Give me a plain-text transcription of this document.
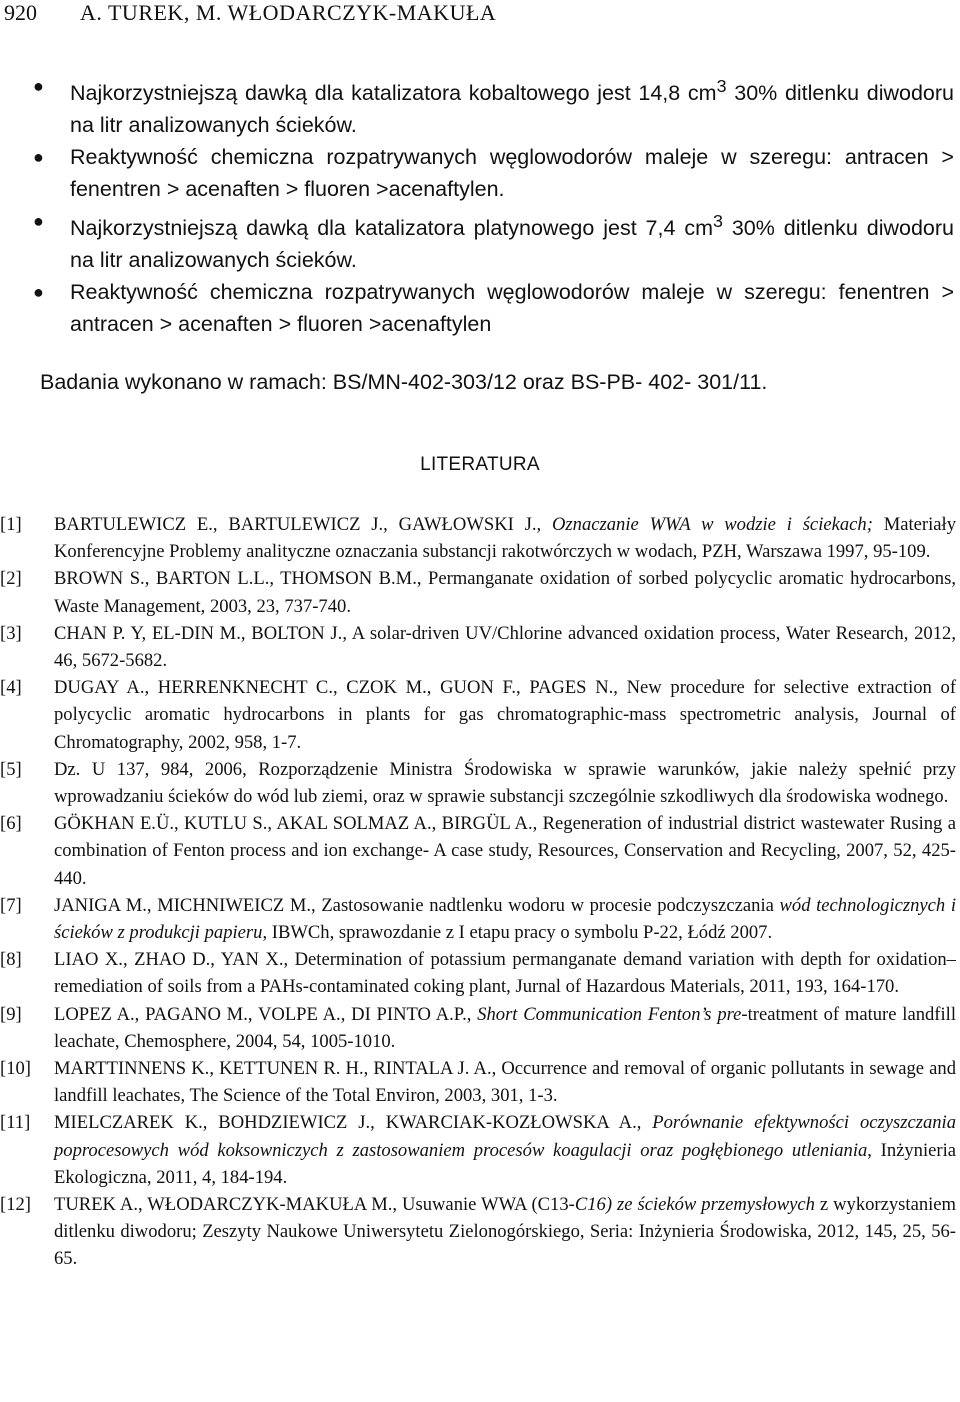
920 A. TUREK, M. WŁODARCZYK-MAKUŁA
● Najkorzystniejszą dawką dla katalizatora kobaltowego jest 14,8 $cm^3$ 30% ditlenku diwodoru na litr analizowanych ścieków.
● Reaktywność chemiczna rozpatrywanych węglowodorów maleje w szeregu: antracen > fenentren > acenaften > fluoren >acenaftylen.
● Najkorzystniejszą dawką dla katalizatora platynowego jest 7,4 $cm^3$ 30% ditlenku diwodoru na litr analizowanych ścieków.
● Reaktywność chemiczna rozpatrywanych węglowodorów maleje w szeregu: fenentren > antracen > acenaften > fluoren >acenaftylen
Badania wykonano w ramach: BS/MN-402-303/12 oraz BS-PB- 402- 301/11.
LITERATURA
[1] BARTULEWICZ E., BARTULEWICZ J., GAWŁOWSKI J., Oznaczanie WWA w wodzie i ściekach; Materiały Konferencyjne Problemy analityczne oznaczania substancji rakotwórczych w wodach, PZH, Warszawa 1997, 95-109.
[2] BROWN S., BARTON L.L., THOMSON B.M., Permanganate oxidation of sorbed polycyclic aromatic hydrocarbons, Waste Management, 2003, 23, 737-740.
[3] CHAN P. Y, EL-DIN M., BOLTON J., A solar-driven UV/Chlorine advanced oxidation process, Water Research, 2012, 46, 5672-5682.
[4] DUGAY A., HERRENKNECHT C., CZOK M., GUON F., PAGES N., New procedure for selective extraction of polycyclic aromatic hydrocarbons in plants for gas chromatographic-mass spectrometric analysis, Journal of Chromatography, 2002, 958, 1-7.
[5] Dz. U 137, 984, 2006, Rozporządzenie Ministra Środowiska w sprawie warunków, jakie należy spełnić przy wprowadzaniu ścieków do wód lub ziemi, oraz w sprawie substancji szczególnie szkodliwych dla środowiska wodnego.
[6] GÖKHAN E.Ü., KUTLU S., AKAL SOLMAZ A., BIRGÜL A., Regeneration of industrial district wastewater Rusing a combination of Fenton process and ion exchange- A case study, Resources, Conservation and Recycling, 2007, 52, 425-440.
[7] JANIGA M., MICHNIWEICZ M., Zastosowanie nadtlenku wodoru w procesie podczyszczania wód technologicznych i ścieków z produkcji papieru, IBWCh, sprawozdanie z I etapu pracy o symbolu P-22, Łódź 2007.
[8] LIAO X., ZHAO D., YAN X., Determination of potassium permanganate demand variation with depth for oxidation–remediation of soils from a PAHs-contaminated coking plant, Jurnal of Hazardous Materials, 2011, 193, 164-170.
[9] LOPEZ A., PAGANO M., VOLPE A., DI PINTO A.P., Short Communication Fenton’s pre-treatment of mature landfill leachate, Chemosphere, 2004, 54, 1005-1010.
[10] MARTTINNENS K., KETTUNEN R. H., RINTALA J. A., Occurrence and removal of organic pollutants in sewage and landfill leachates, The Science of the Total Environ, 2003, 301, 1-3.
[11] MIELCZAREK K., BOHDZIEWICZ J., KWARCIAK-KOZŁOWSKA A., Porównanie efektywności oczyszczania poprocesowych wód koksowniczych z zastosowaniem procesów koagulacji oraz pogłębionego utleniania, Inżynieria Ekologiczna, 2011, 4, 184-194.
[12] TUREK A., WŁODARCZYK-MAKUŁA M., Usuwanie WWA (C13-C16) ze ścieków przemysłowych z wykorzystaniem ditlenku diwodoru; Zeszyty Naukowe Uniwersytetu Zielonogórskiego, Seria: Inżynieria Środowiska, 2012, 145, 25, 56-65.
